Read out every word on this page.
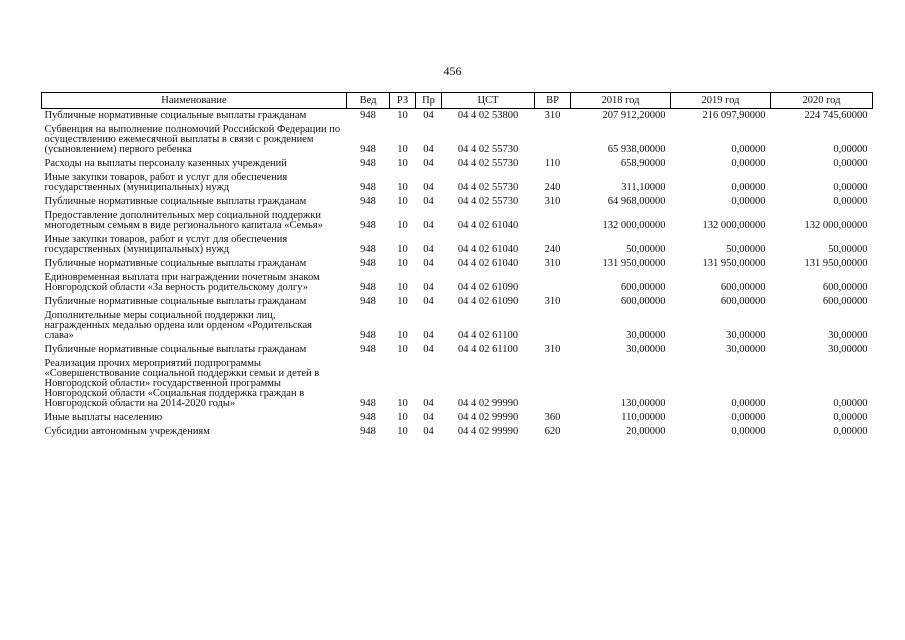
456
Наименование	Вед	РЗ	Пр	ЦСТ	ВР	2018 год	2019 год	2020 год
Публичные нормативные социальные выплаты гражданам	948	10	04	04 4 02 53800	310	207 912,20000	216 097,90000	224 745,60000
Субвенция на выполнение полномочий Российской Федерации по осуществлению ежемесячной выплаты в связи с рождением (усыновлением) первого ребенка	948	10	04	04 4 02 55730		65 938,00000	0,00000	0,00000
Расходы на выплаты персоналу казенных учреждений	948	10	04	04 4 02 55730	110	658,90000	0,00000	0,00000
Иные закупки товаров, работ и услуг для обеспечения государственных (муниципальных) нужд	948	10	04	04 4 02 55730	240	311,10000	0,00000	0,00000
Публичные нормативные социальные выплаты гражданам	948	10	04	04 4 02 55730	310	64 968,00000	0,00000	0,00000
Предоставление дополнительных мер социальной поддержки многодетным семьям в виде регионального капитала «Семья»	948	10	04	04 4 02 61040		132 000,00000	132 000,00000	132 000,00000
Иные закупки товаров, работ и услуг для обеспечения государственных (муниципальных) нужд	948	10	04	04 4 02 61040	240	50,00000	50,00000	50,00000
Публичные нормативные социальные выплаты гражданам	948	10	04	04 4 02 61040	310	131 950,00000	131 950,00000	131 950,00000
Единовременная выплата при награждении почетным знаком Новгородской области «За верность родительскому долгу»	948	10	04	04 4 02 61090		600,00000	600,00000	600,00000
Публичные нормативные социальные выплаты гражданам	948	10	04	04 4 02 61090	310	600,00000	600,00000	600,00000
Дополнительные меры социальной поддержки лиц, награжденных медалью ордена или орденом «Родительская слава»	948	10	04	04 4 02 61100		30,00000	30,00000	30,00000
Публичные нормативные социальные выплаты гражданам	948	10	04	04 4 02 61100	310	30,00000	30,00000	30,00000
Реализация прочих мероприятий подпрограммы «Совершенствование социальной поддержки семьи и детей в Новгородской области» государственной программы Новгородской области «Социальная поддержка граждан в Новгородской области на 2014-2020 годы»	948	10	04	04 4 02 99990		130,00000	0,00000	0,00000
Иные выплаты населению	948	10	04	04 4 02 99990	360	110,00000	0,00000	0,00000
Субсидии автономным учреждениям	948	10	04	04 4 02 99990	620	20,00000	0,00000	0,00000
